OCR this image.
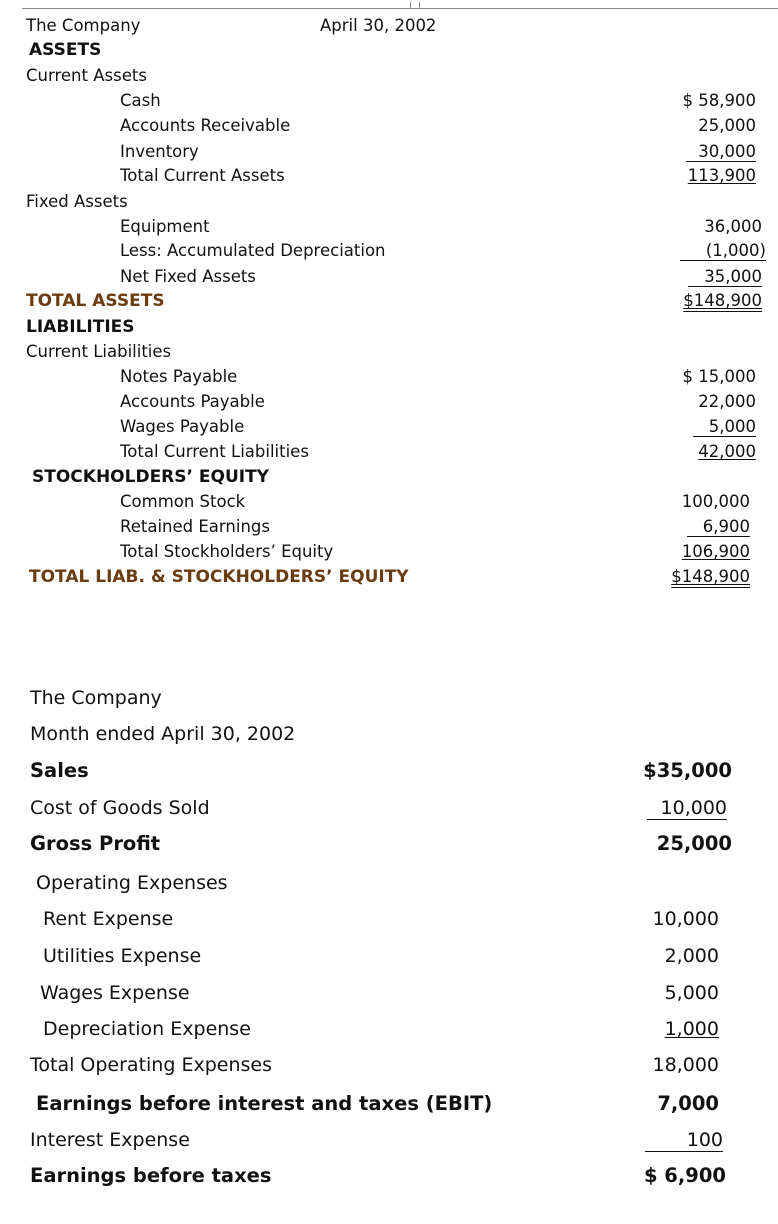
The Company	April 30, 2002
ASSETS
Current Assets
Cash	$ 58,900
Accounts Receivable	25,000
Inventory	30,000
Total Current Assets	113,900
Fixed Assets
Equipment	36,000
Less: Accumulated Depreciation	(1,000)
Net Fixed Assets	35,000
TOTAL ASSETS	$148,900
LIABILITIES
Current Liabilities
Notes Payable	$ 15,000
Accounts Payable	22,000
Wages Payable	5,000
Total Current Liabilities	42,000
STOCKHOLDERS’ EQUITY
Common Stock	100,000
Retained Earnings	6,900
Total Stockholders’ Equity	106,900
TOTAL LIAB. & STOCKHOLDERS’ EQUITY	$148,900
The Company
Month ended April 30, 2002
Sales	$35,000
Cost of Goods Sold	10,000
Gross Profit	25,000
Operating Expenses
Rent Expense	10,000
Utilities Expense	2,000
Wages Expense	5,000
Depreciation Expense	1,000
Total Operating Expenses	18,000
Earnings before interest and taxes (EBIT)	7,000
Interest Expense	100
Earnings before taxes	$ 6,900
